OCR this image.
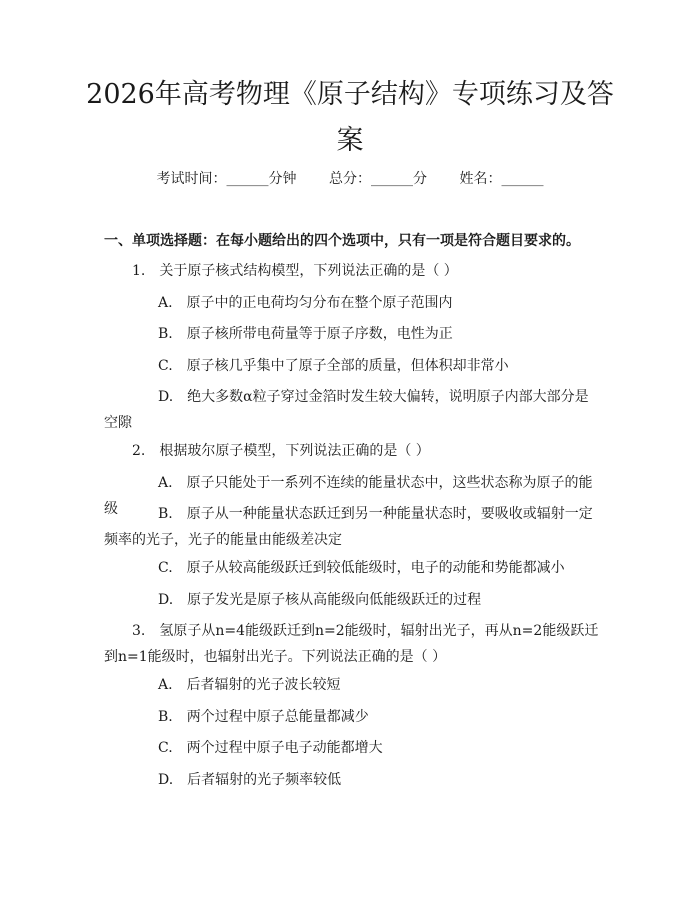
2026年高考物理《原子结构》专项练习及答案
考试时间：______分钟 总分：______分 姓名：______
一、单项选择题：在每小题给出的四个选项中，只有一项是符合题目要求的。
1.　关于原子核式结构模型，下列说法正确的是（ ）
A.　原子中的正电荷均匀分布在整个原子范围内
B.　原子核所带电荷量等于原子序数，电性为正
C.　原子核几乎集中了原子全部的质量，但体积却非常小
D.　绝大多数α粒子穿过金箔时发生较大偏转，说明原子内部大部分是空隙
2.　根据玻尔原子模型，下列说法正确的是（ ）
A.　原子只能处于一系列不连续的能量状态中，这些状态称为原子的能级	B.　原子从一种能量状态跃迁到另一种能量状态时，要吸收或辐射一定频率的光子，光子的能量由能级差决定
C.　原子从较高能级跃迁到较低能级时，电子的动能和势能都减小
D.　原子发光是原子核从高能级向低能级跃迁的过程
3.　氢原子从n=4能级跃迁到n=2能级时，辐射出光子，再从n=2能级跃迁到n=1能级时，也辐射出光子。下列说法正确的是（ ）
A.　后者辐射的光子波长较短
B.　两个过程中原子总能量都减少
C.　两个过程中原子电子动能都增大
D.　后者辐射的光子频率较低
